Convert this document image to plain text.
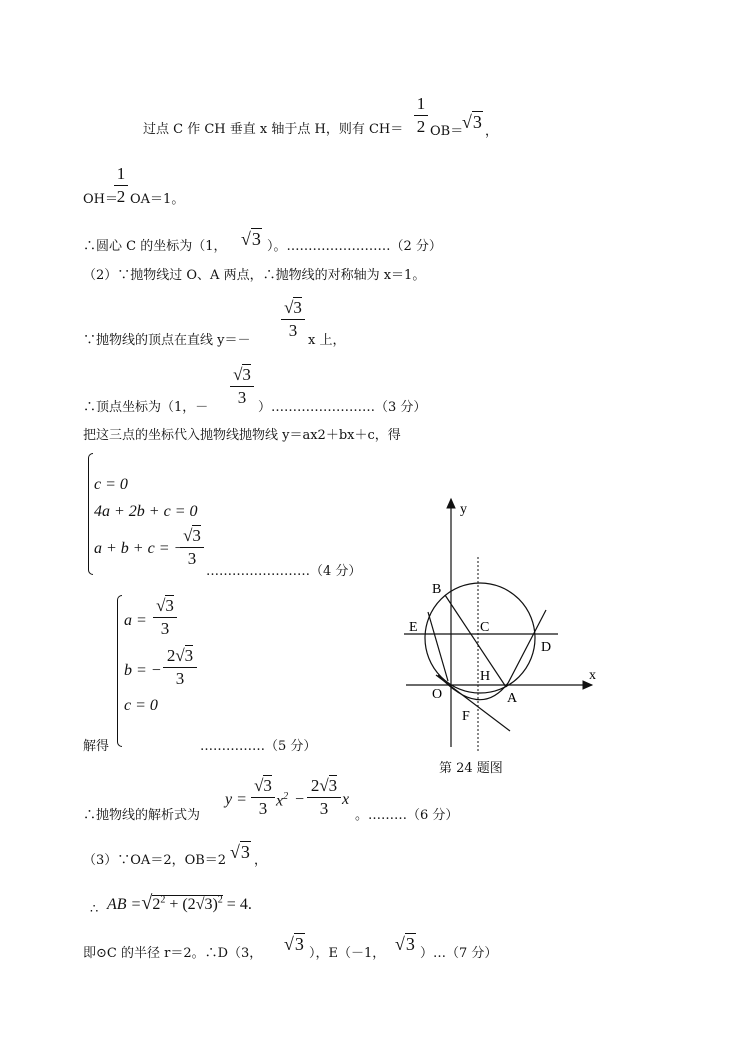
过点 C 作 CH 垂直 x 轴于点 H，则有 CH＝
1
2 OB＝
√3 ，
OH＝
1
2 OA＝1。
∴圆心 C 的坐标为（1， √3 ）。……………………（2 分）
（2）∵抛物线过 O、A 两点，∴抛物线的对称轴为 x＝1。
∵抛物线的顶点在直线 y＝－
√3
3
x 上，
∴顶点坐标为（1，－
√3
3
）……………………（3 分）
把这三点的坐标代入抛物线抛物线 y＝ax2＋bx＋c，得
c = 0
4a + 2b + c = 0
a + b + c = −
√3
3
……………………（4 分）
a =
√3
3
b = −
2√3
3
c = 0
解得	……………（5 分）
y
x
B
E	C
D
H
O	A
F
第 24 题图
∴抛物线的解析式为
y =
√3
3 $x^2$ −
2√3
3 x
。………（6 分）
（3）∵OA＝2，OB＝2 √3 ，
∴ AB $=√2^2 + (2√3)^2 = 4$.
即⊙C 的半径 r＝2。∴D（3， √3 ），E（－1， √3 ）…（7 分）
